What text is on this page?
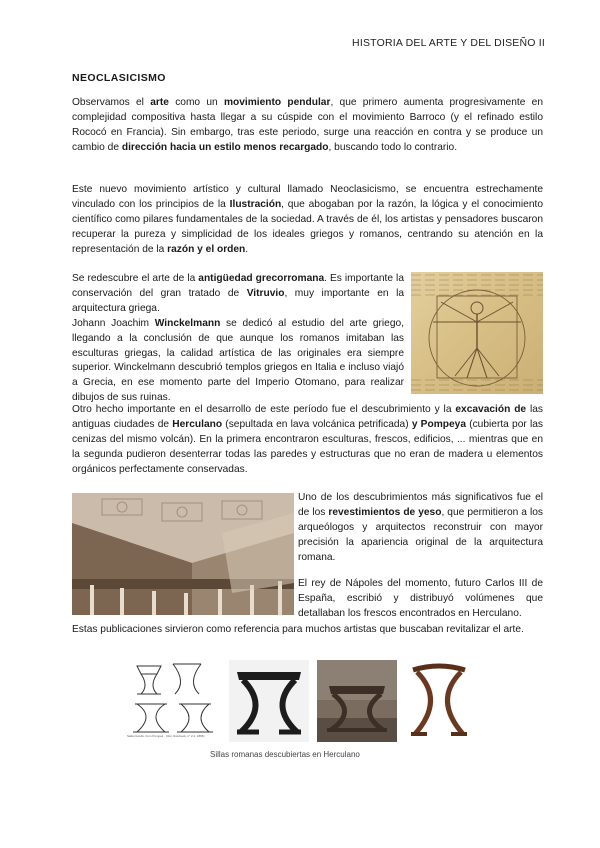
HISTORIA DEL ARTE Y DEL DISEÑO II
NEOCLASICISMO

Observamos el arte como un movimiento pendular, que primero aumenta progresivamente en complejidad compositiva hasta llegar a su cúspide con el movimiento Barroco (y el refinado estilo Rococó en Francia). Sin embargo, tras este periodo, surge una reacción en contra y se produce un cambio de dirección hacia un estilo menos recargado, buscando todo lo contrario.

Este nuevo movimiento artístico y cultural llamado Neoclasicismo, se encuentra estrechamente vinculado con los principios de la Ilustración, que abogaban por la razón, la lógica y el conocimiento científico como pilares fundamentales de la sociedad. A través de él, los artistas y pensadores buscaron recuperar la pureza y simplicidad de los ideales griegos y romanos, centrando su atención en la representación de la razón y el orden.

Se redescubre el arte de la antigüedad grecorromana. Es importante la conservación del gran tratado de Vitruvio, muy importante en la arquitectura griega.
Johann Joachim Winckelmann se dedicó al estudio del arte griego, llegando a la conclusión de que aunque los romanos imitaban las esculturas griegas, la calidad artística de las originales era siempre superior. Winckelmann descubrió templos griegos en Italia e incluso viajó a Grecia, en ese momento parte del Imperio Otomano, para realizar dibujos de sus ruinas.

Otro hecho importante en el desarrollo de este período fue el descubrimiento y la excavación de las antiguas ciudades de Herculano (sepultada en lava volcánica petrificada) y Pompeya (cubierta por las cenizas del mismo volcán). En la primera encontraron esculturas, frescos, edificios, ... mientras que en la segunda pudieron desenterrar todas las paredes y estructuras que no eran de madera u elementos orgánicos perfectamente conservadas.

Uno de los descubrimientos más significativos fue el de los revestimientos de yeso, que permitieron a los arqueólogos y arquitectos reconstruir con mayor precisión la apariencia original de la arquitectura romana.

El rey de Nápoles del momento, futuro Carlos III de España, escribió y distribuyó volúmenes que detallaban los frescos encontrados en Herculano.

Estas publicaciones sirvieron como referencia para muchos artistas que buscaban revitalizar el arte.

Sella Curulis, from Pompeii · (Von Overbeck, nº 2.2, 1866)
Sillas romanas descubiertas en Herculano
